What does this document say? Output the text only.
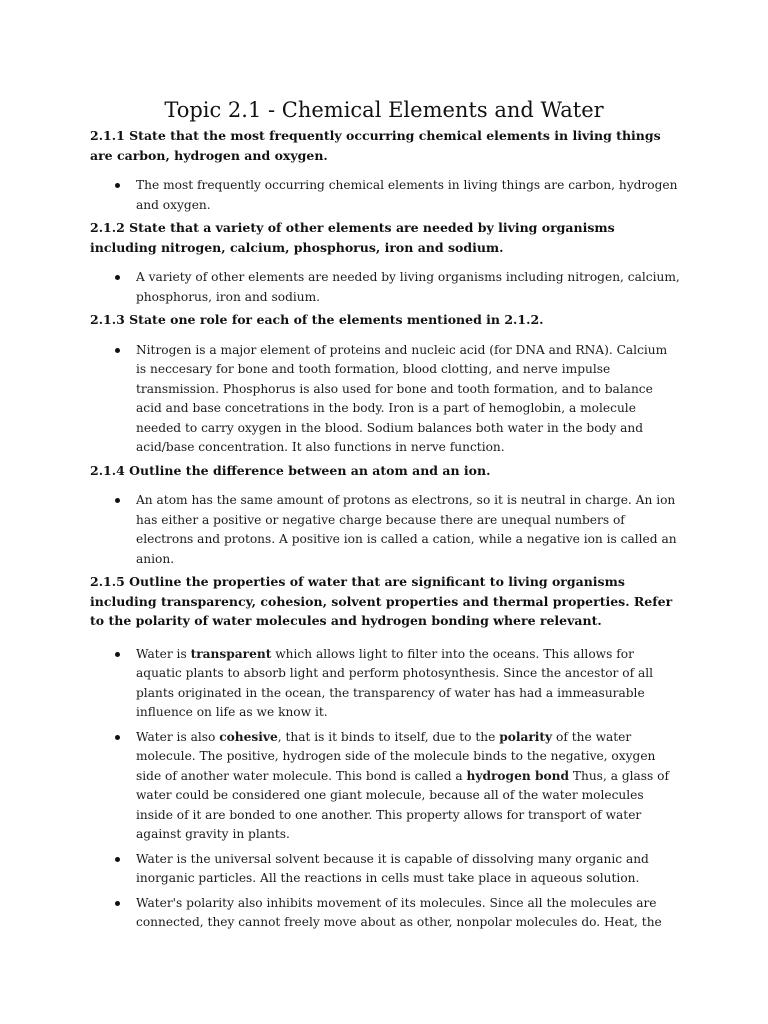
Topic 2.1 - Chemical Elements and Water

2.1.1 State that the most frequently occurring chemical elements in living things are carbon, hydrogen and oxygen.

The most frequently occurring chemical elements in living things are carbon, hydrogen and oxygen.

2.1.2 State that a variety of other elements are needed by living organisms including nitrogen, calcium, phosphorus, iron and sodium.

A variety of other elements are needed by living organisms including nitrogen, calcium, phosphorus, iron and sodium.

2.1.3 State one role for each of the elements mentioned in 2.1.2.

Nitrogen is a major element of proteins and nucleic acid (for DNA and RNA). Calcium is neccesary for bone and tooth formation, blood clotting, and nerve impulse transmission. Phosphorus is also used for bone and tooth formation, and to balance acid and base concetrations in the body. Iron is a part of hemoglobin, a molecule needed to carry oxygen in the blood. Sodium balances both water in the body and acid/base concentration. It also functions in nerve function.

2.1.4 Outline the difference between an atom and an ion.

An atom has the same amount of protons as electrons, so it is neutral in charge. An ion has either a positive or negative charge because there are unequal numbers of electrons and protons. A positive ion is called a cation, while a negative ion is called an anion.

2.1.5 Outline the properties of water that are significant to living organisms including transparency, cohesion, solvent properties and thermal properties. Refer to the polarity of water molecules and hydrogen bonding where relevant.

Water is transparent which allows light to filter into the oceans. This allows for aquatic plants to absorb light and perform photosynthesis. Since the ancestor of all plants originated in the ocean, the transparency of water has had a immeasurable influence on life as we know it.
Water is also cohesive, that is it binds to itself, due to the polarity of the water molecule. The positive, hydrogen side of the molecule binds to the negative, oxygen side of another water molecule. This bond is called a hydrogen bond Thus, a glass of water could be considered one giant molecule, because all of the water molecules inside of it are bonded to one another. This property allows for transport of water against gravity in plants.
Water is the universal solvent because it is capable of dissolving many organic and inorganic particles. All the reactions in cells must take place in aqueous solution.
Water's polarity also inhibits movement of its molecules. Since all the molecules are connected, they cannot freely move about as other, nonpolar molecules do. Heat, the
